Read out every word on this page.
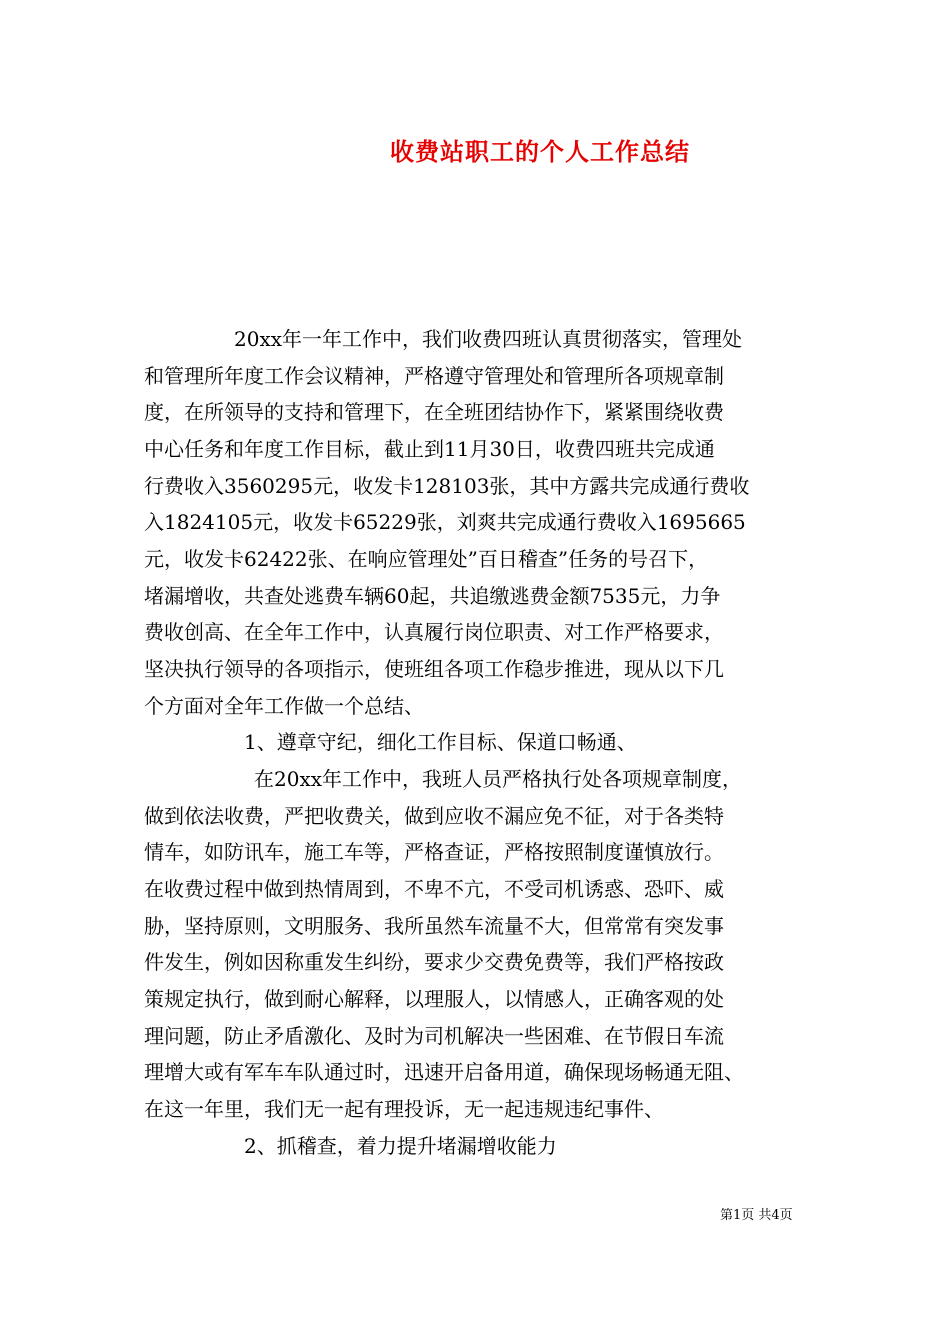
收费站职工的个人工作总结
20xx年一年工作中，我们收费四班认真贯彻落实，管理处
和管理所年度工作会议精神，严格遵守管理处和管理所各项规章制
度，在所领导的支持和管理下，在全班团结协作下，紧紧围绕收费
中心任务和年度工作目标，截止到11月30日，收费四班共完成通
行费收入3560295元，收发卡128103张，其中方露共完成通行费收
入1824105元，收发卡65229张，刘爽共完成通行费收入1695665
元，收发卡62422张、在响应管理处”百日稽查”任务的号召下，
堵漏增收，共查处逃费车辆60起，共追缴逃费金额7535元，力争
费收创高、在全年工作中，认真履行岗位职责、对工作严格要求，
坚决执行领导的各项指示，使班组各项工作稳步推进，现从以下几
个方面对全年工作做一个总结、
1、遵章守纪，细化工作目标、保道口畅通、
在20xx年工作中，我班人员严格执行处各项规章制度，
做到依法收费，严把收费关，做到应收不漏应免不征，对于各类特
情车，如防讯车，施工车等，严格查证，严格按照制度谨慎放行。
在收费过程中做到热情周到，不卑不亢，不受司机诱惑、恐吓、威
胁，坚持原则，文明服务、我所虽然车流量不大，但常常有突发事
件发生，例如因称重发生纠纷，要求少交费免费等，我们严格按政
策规定执行，做到耐心解释，以理服人，以情感人，正确客观的处
理问题，防止矛盾激化、及时为司机解决一些困难、在节假日车流
理增大或有军车车队通过时，迅速开启备用道，确保现场畅通无阻、
在这一年里，我们无一起有理投诉，无一起违规违纪事件、
2、抓稽查，着力提升堵漏增收能力
第1页 共4页
